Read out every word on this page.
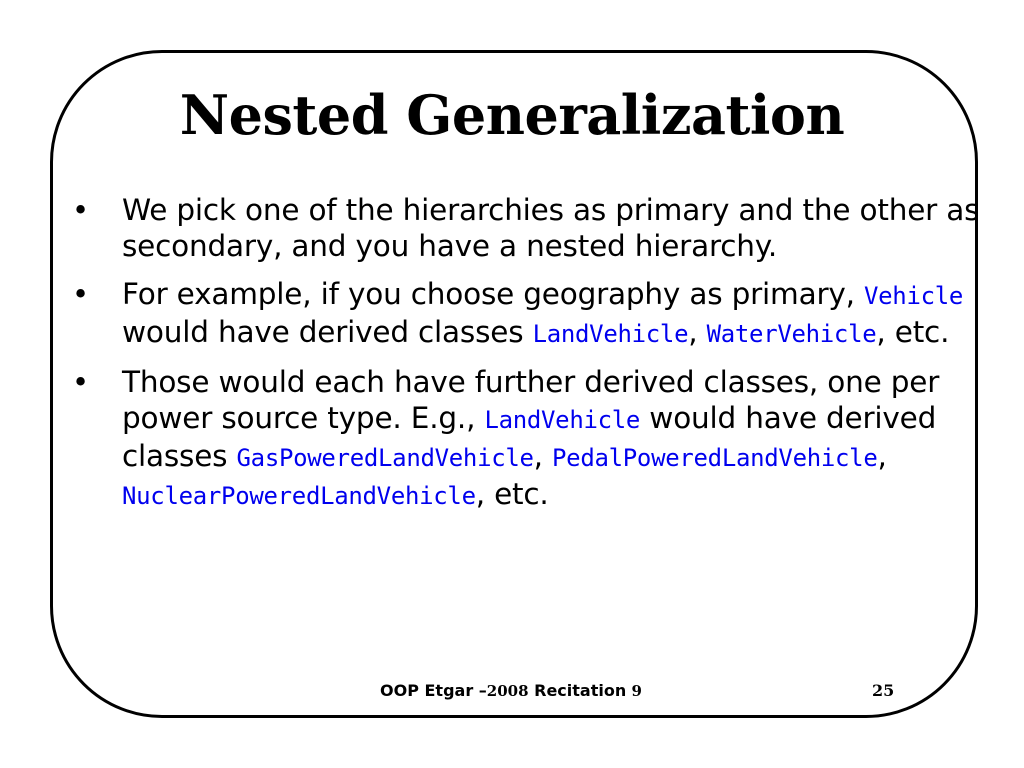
Nested Generalization
• We pick one of the hierarchies as primary and the other as secondary, and you have a nested hierarchy.
• For example, if you choose geography as primary, Vehicle would have derived classes LandVehicle, WaterVehicle, etc.
• Those would each have further derived classes, one per power source type. E.g., LandVehicle would have derived classes GasPoweredLandVehicle, PedalPoweredLandVehicle, NuclearPoweredLandVehicle, etc.
OOP Etgar –2008 Recitation 9	25
